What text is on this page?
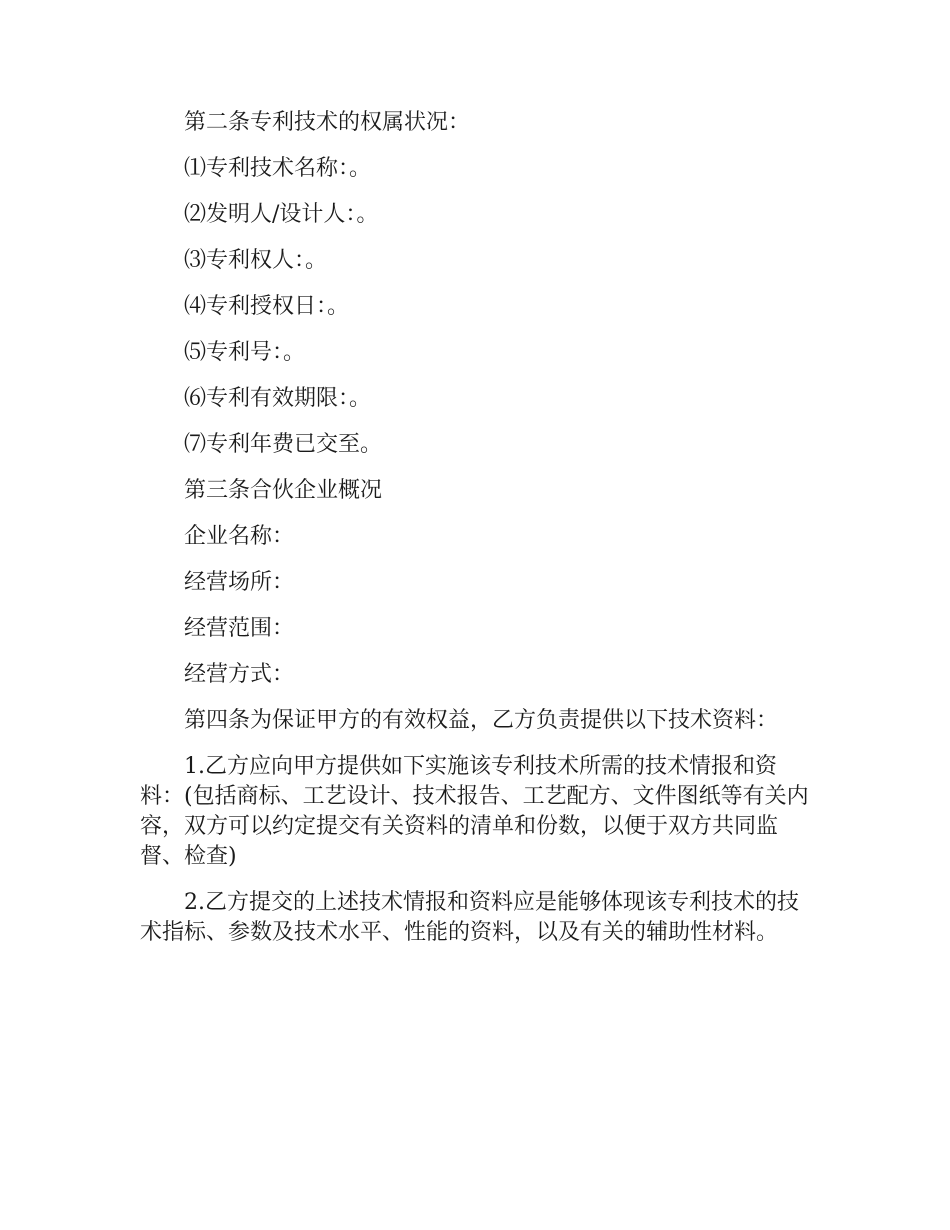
第二条专利技术的权属状况：

⑴专利技术名称：。

⑵发明人/设计人：。

⑶专利权人：。

⑷专利授权日：。

⑸专利号：。

⑹专利有效期限：。

⑺专利年费已交至。

第三条合伙企业概况

企业名称：

经营场所：

经营范围：

经营方式：

第四条为保证甲方的有效权益，乙方负责提供以下技术资料：

1.乙方应向甲方提供如下实施该专利技术所需的技术情报和资料：(包括商标、工艺设计、技术报告、工艺配方、文件图纸等有关内容，双方可以约定提交有关资料的清单和份数，以便于双方共同监督、检查)

2.乙方提交的上述技术情报和资料应是能够体现该专利技术的技术指标、参数及技术水平、性能的资料，以及有关的辅助性材料。
